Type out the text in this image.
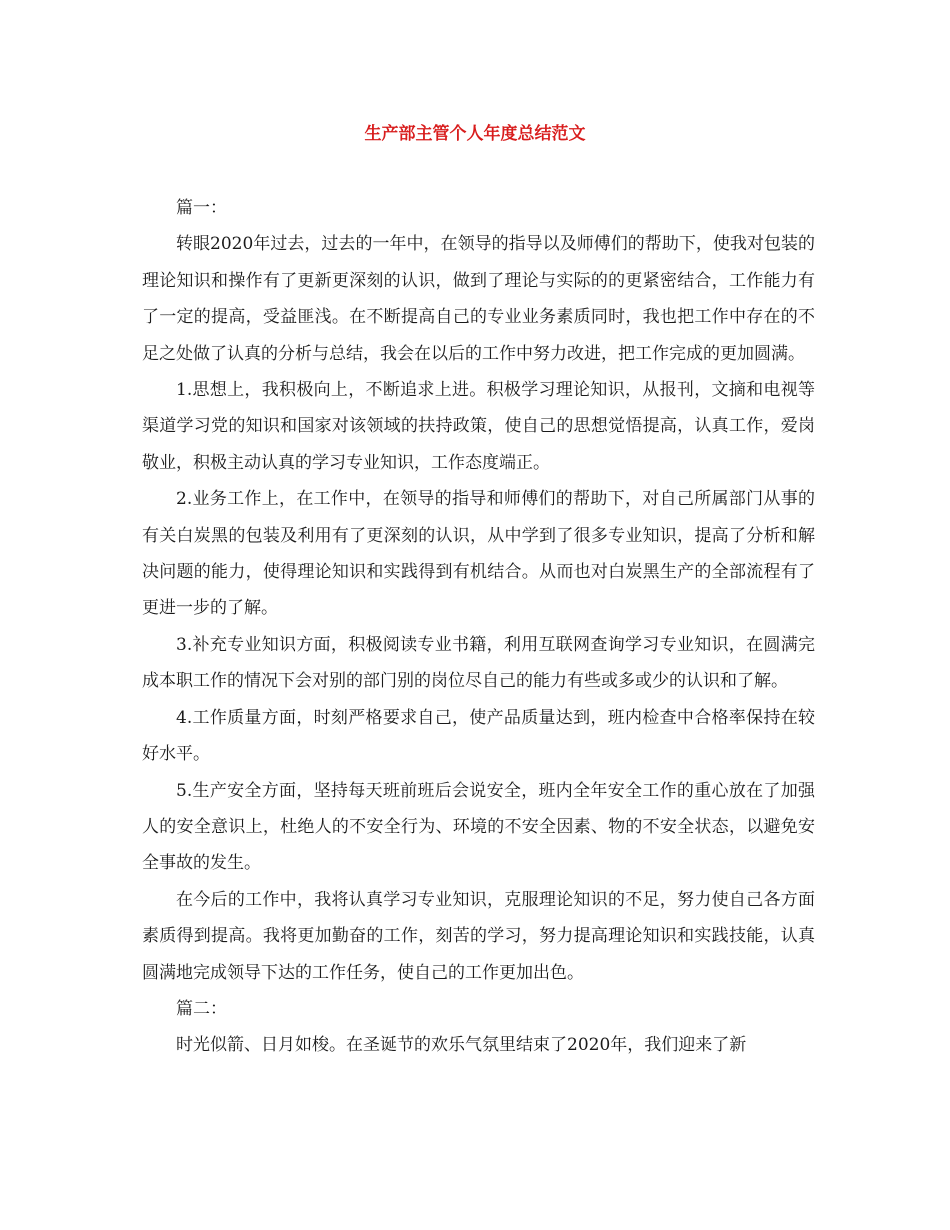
生产部主管个人年度总结范文

篇一：

转眼2020年过去，过去的一年中，在领导的指导以及师傅们的帮助下，使我对包装的理论知识和操作有了更新更深刻的认识，做到了理论与实际的的更紧密结合，工作能力有了一定的提高，受益匪浅。在不断提高自己的专业业务素质同时，我也把工作中存在的不足之处做了认真的分析与总结，我会在以后的工作中努力改进，把工作完成的更加圆满。

1.思想上，我积极向上，不断追求上进。积极学习理论知识，从报刊，文摘和电视等渠道学习党的知识和国家对该领域的扶持政策，使自己的思想觉悟提高，认真工作，爱岗敬业，积极主动认真的学习专业知识，工作态度端正。

2.业务工作上，在工作中，在领导的指导和师傅们的帮助下，对自己所属部门从事的有关白炭黑的包装及利用有了更深刻的认识，从中学到了很多专业知识，提高了分析和解决问题的能力，使得理论知识和实践得到有机结合。从而也对白炭黑生产的全部流程有了更进一步的了解。

3.补充专业知识方面，积极阅读专业书籍，利用互联网查询学习专业知识，在圆满完成本职工作的情况下会对别的部门别的岗位尽自己的能力有些或多或少的认识和了解。

4.工作质量方面，时刻严格要求自己，使产品质量达到，班内检查中合格率保持在较好水平。

5.生产安全方面，坚持每天班前班后会说安全，班内全年安全工作的重心放在了加强人的安全意识上，杜绝人的不安全行为、环境的不安全因素、物的不安全状态，以避免安全事故的发生。

在今后的工作中，我将认真学习专业知识，克服理论知识的不足，努力使自己各方面素质得到提高。我将更加勤奋的工作，刻苦的学习，努力提高理论知识和实践技能，认真圆满地完成领导下达的工作任务，使自己的工作更加出色。

篇二：

时光似箭、日月如梭。在圣诞节的欢乐气氛里结束了2020年，我们迎来了新
